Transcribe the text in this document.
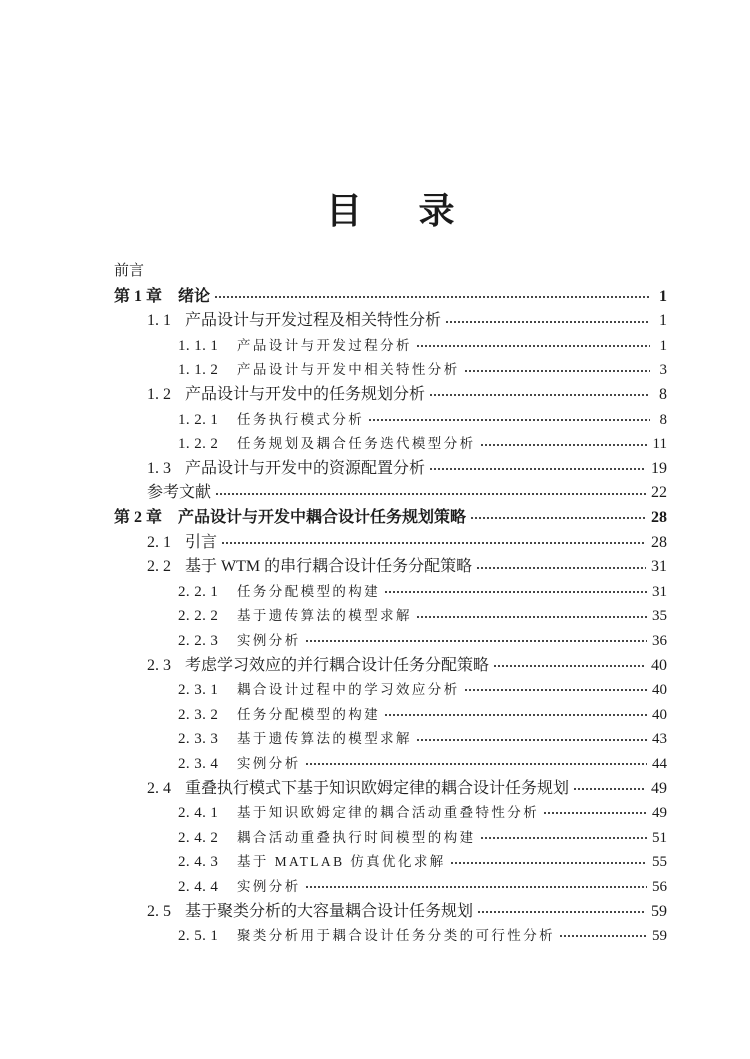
目 录
前言
第 1 章 绪论	1
1. 1 产品设计与开发过程及相关特性分析	1
1. 1. 1	产品设计与开发过程分析	1
1. 1. 2	产品设计与开发中相关特性分析	3
1. 2 产品设计与开发中的任务规划分析	8
1. 2. 1	任务执行模式分析	8
1. 2. 2	任务规划及耦合任务迭代模型分析	11
1. 3 产品设计与开发中的资源配置分析	19
参考文献	22
第 2 章 产品设计与开发中耦合设计任务规划策略	28
2. 1 引言	28
2. 2 基于 WTM 的串行耦合设计任务分配策略	31
2. 2. 1	任务分配模型的构建	31
2. 2. 2	基于遗传算法的模型求解	35
2. 2. 3	实例分析	36
2. 3 考虑学习效应的并行耦合设计任务分配策略	40
2. 3. 1	耦合设计过程中的学习效应分析	40
2. 3. 2	任务分配模型的构建	40
2. 3. 3	基于遗传算法的模型求解	43
2. 3. 4	实例分析	44
2. 4 重叠执行模式下基于知识欧姆定律的耦合设计任务规划	49
2. 4. 1	基于知识欧姆定律的耦合活动重叠特性分析	49
2. 4. 2	耦合活动重叠执行时间模型的构建	51
2. 4. 3	基于 MATLAB 仿真优化求解	55
2. 4. 4	实例分析	56
2. 5 基于聚类分析的大容量耦合设计任务规划	59
2. 5. 1	聚类分析用于耦合设计任务分类的可行性分析	59
